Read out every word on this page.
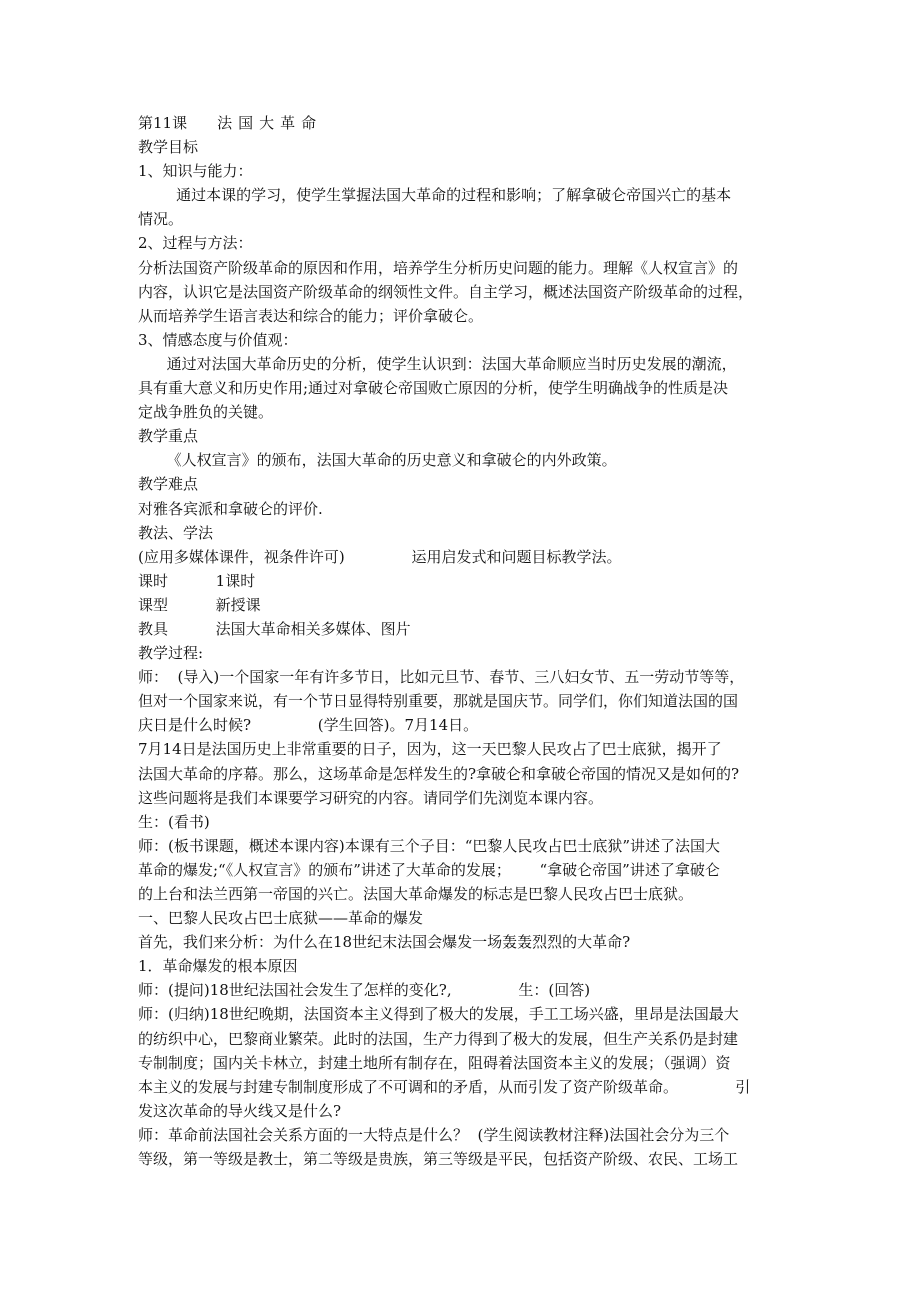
第11课 法国大革命
教学目标
1、知识与能力：
通过本课的学习，使学生掌握法国大革命的过程和影响；了解拿破仑帝国兴亡的基本
情况。
2、过程与方法：
分析法国资产阶级革命的原因和作用，培养学生分析历史问题的能力。理解《人权宣言》的
内容，认识它是法国资产阶级革命的纲领性文件。自主学习，概述法国资产阶级革命的过程，
从而培养学生语言表达和综合的能力；评价拿破仑。
3、情感态度与价值观：
通过对法国大革命历史的分析，使学生认识到：法国大革命顺应当时历史发展的潮流，
具有重大意义和历史作用;通过对拿破仑帝国败亡原因的分析，使学生明确战争的性质是决
定战争胜负的关键。
教学重点
《人权宣言》的颁布，法国大革命的历史意义和拿破仑的内外政策。
教学难点
对雅各宾派和拿破仑的评价.
教法、学法
(应用多媒体课件，视条件许可)              运用启发式和问题目标教学法。
课时          1课时
课型          新授课
教具          法国大革命相关多媒体、图片
教学过程:
师：  (导入)一个国家一年有许多节日，比如元旦节、春节、三八妇女节、五一劳动节等等，
但对一个国家来说，有一个节日显得特别重要，那就是国庆节。同学们，你们知道法国的国
庆日是什么时候?              (学生回答)。7月14日。
7月14日是法国历史上非常重要的日子，因为，这一天巴黎人民攻占了巴士底狱，揭开了
法国大革命的序幕。那么，这场革命是怎样发生的?拿破仑和拿破仑帝国的情况又是如何的?
这些问题将是我们本课要学习研究的内容。请同学们先浏览本课内容。
生：(看书)
师：(板书课题，概述本课内容)本课有三个子目：“巴黎人民攻占巴士底狱”讲述了法国大
革命的爆发;“《人权宣言》的颁布”讲述了大革命的发展；      “拿破仑帝国”讲述了拿破仑
的上台和法兰西第一帝国的兴亡。法国大革命爆发的标志是巴黎人民攻占巴士底狱。
一、巴黎人民攻占巴士底狱——革命的爆发
首先，我们来分析：为什么在18世纪末法国会爆发一场轰轰烈烈的大革命?
1．革命爆发的根本原因
师：(提问)18世纪法国社会发生了怎样的变化?,              生：(回答)
师：(归纳)18世纪晚期，法国资本主义得到了极大的发展，手工工场兴盛，里昂是法国最大
的纺织中心，巴黎商业繁荣。此时的法国，生产力得到了极大的发展，但生产关系仍是封建
专制制度；国内关卡林立，封建土地所有制存在，阻碍着法国资本主义的发展；（强调）资
本主义的发展与封建专制制度形成了不可调和的矛盾，从而引发了资产阶级革命。            引
发这次革命的导火线又是什么?
师：革命前法国社会关系方面的一大特点是什么？  (学生阅读教材注释)法国社会分为三个
等级，第一等级是教士，第二等级是贵族，第三等级是平民，包括资产阶级、农民、工场工
